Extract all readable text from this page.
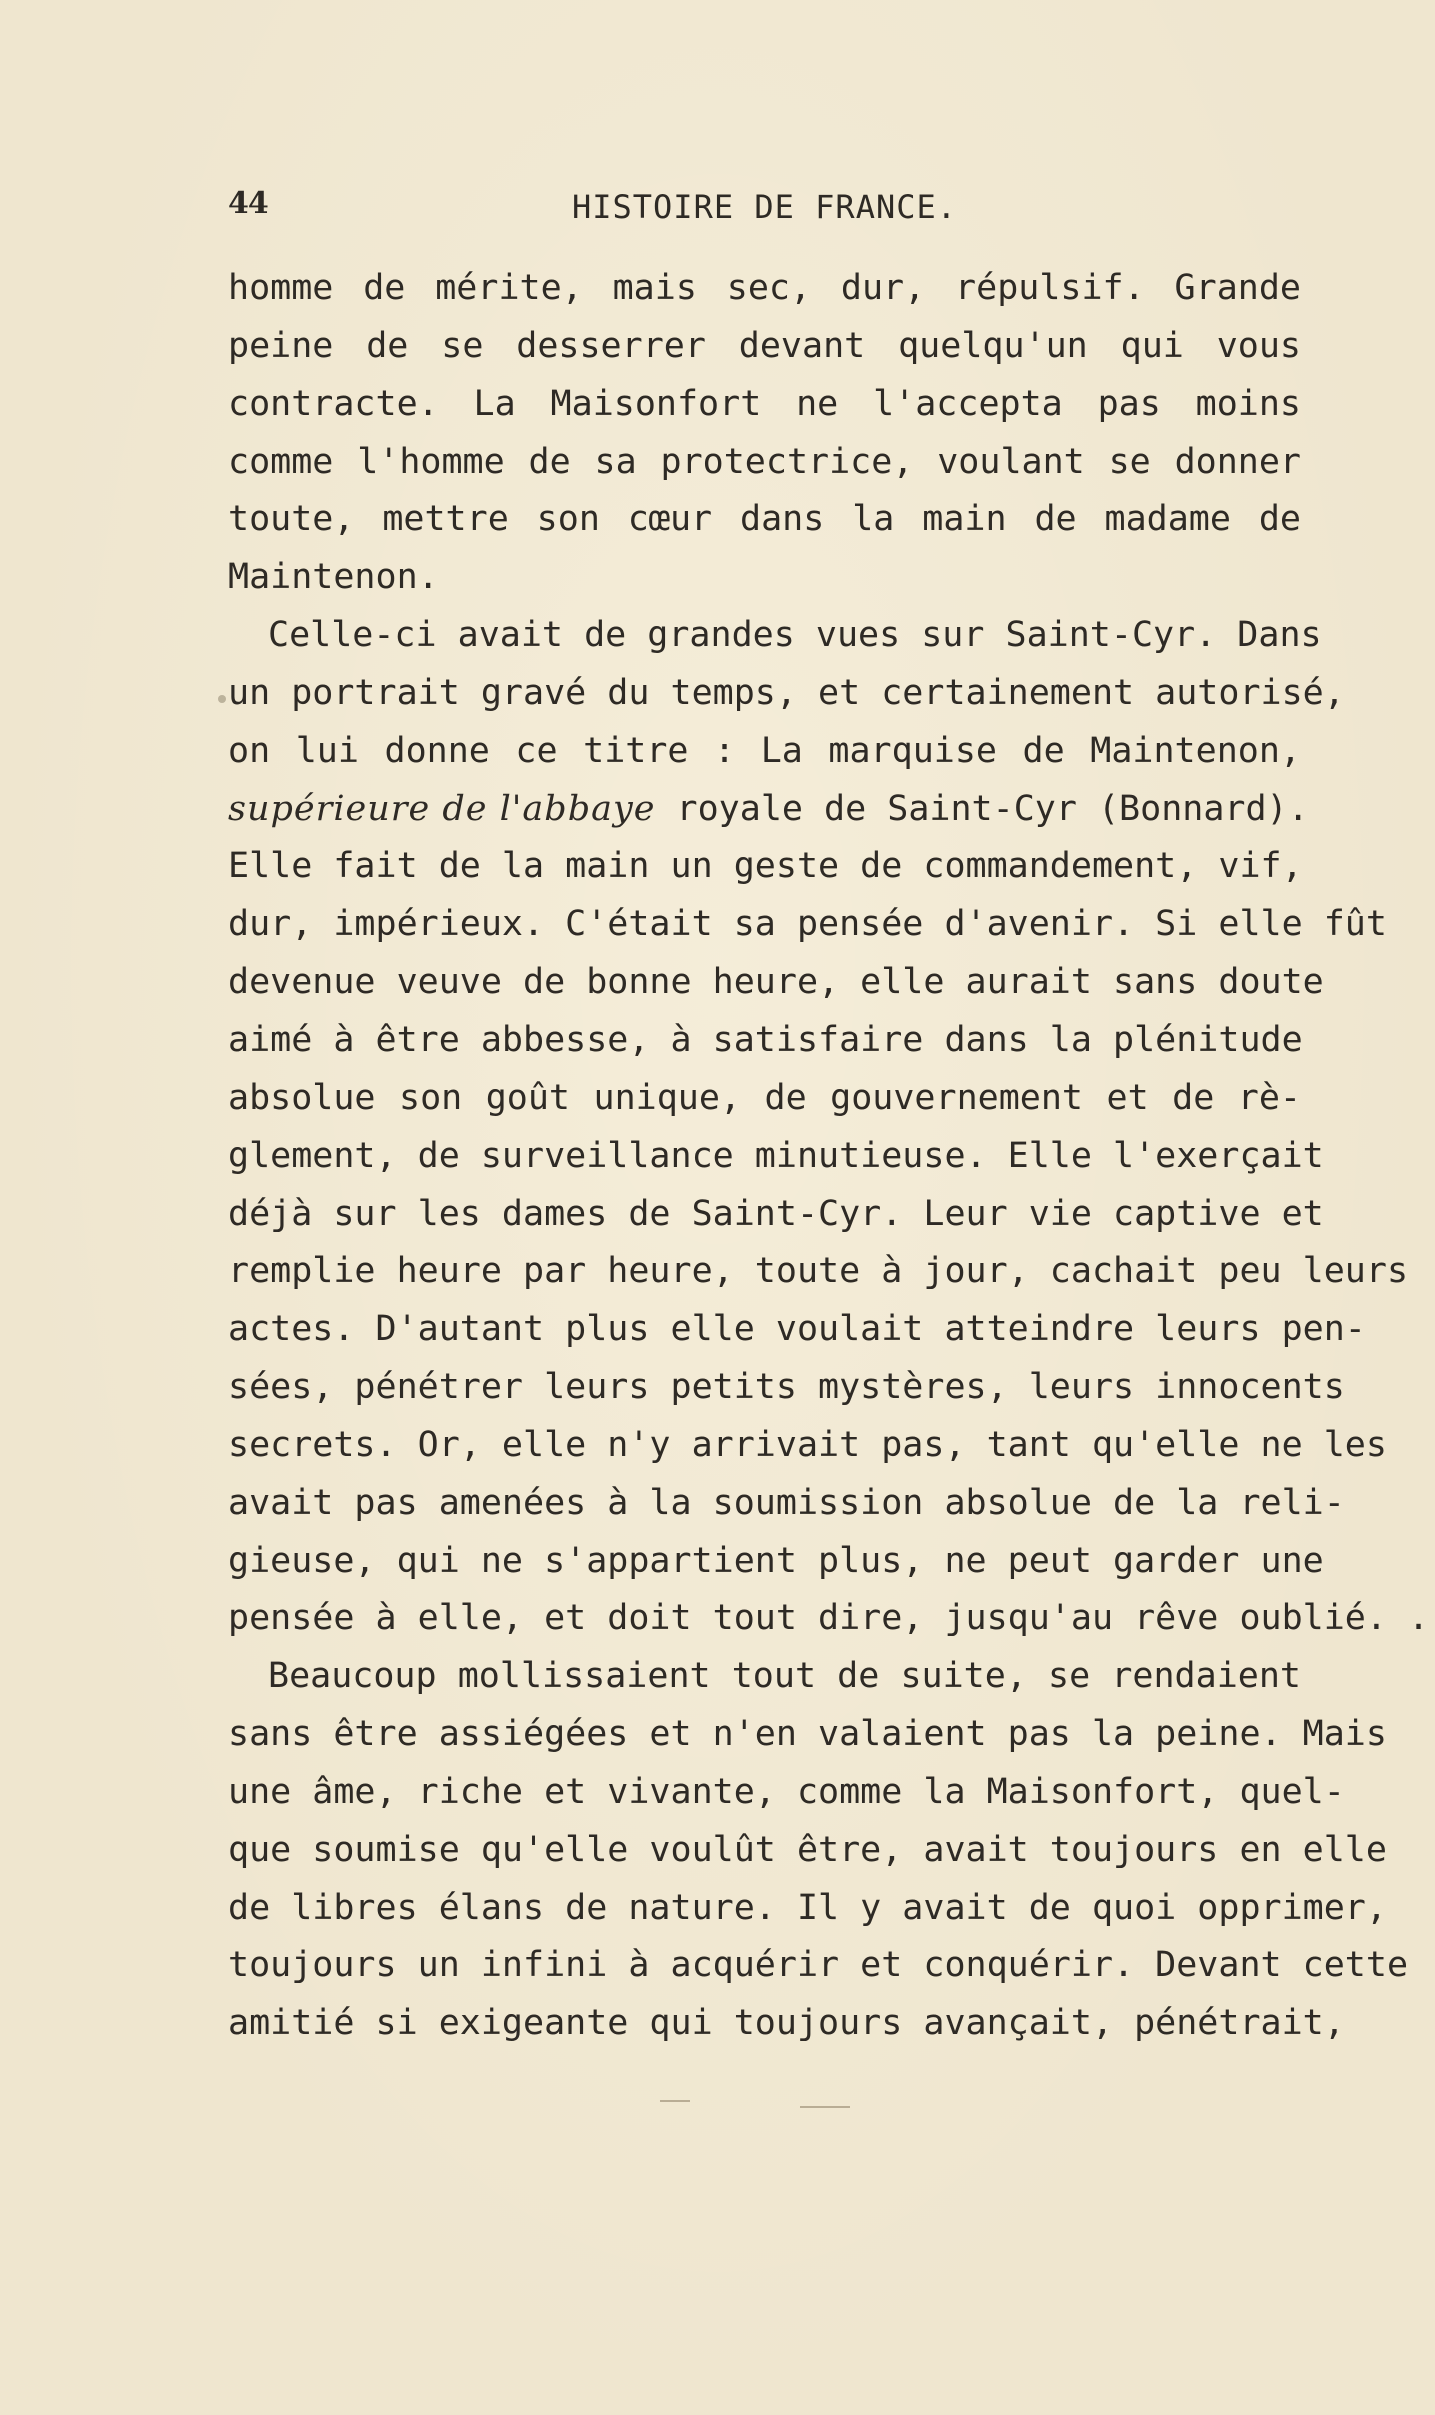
44	HISTOIRE DE FRANCE.
homme de mérite, mais sec, dur, répulsif. Grande
peine de se desserrer devant quelqu'un qui vous
contracte. La Maisonfort ne l'accepta pas moins
comme l'homme de sa protectrice, voulant se donner
toute, mettre son cœur dans la main de madame de
Maintenon.
Celle-ci avait de grandes vues sur Saint-Cyr. Dans
un portrait gravé du temps, et certainement autorisé,
on lui donne ce titre : La marquise de Maintenon,
supérieure de l'abbaye royale de Saint-Cyr (Bonnard).
Elle fait de la main un geste de commandement, vif,
dur, impérieux. C'était sa pensée d'avenir. Si elle fût
devenue veuve de bonne heure, elle aurait sans doute
aimé à être abbesse, à satisfaire dans la plénitude
absolue son goût unique, de gouvernement et de rè-
glement, de surveillance minutieuse. Elle l'exerçait
déjà sur les dames de Saint-Cyr. Leur vie captive et
remplie heure par heure, toute à jour, cachait peu leurs
actes. D'autant plus elle voulait atteindre leurs pen-
sées, pénétrer leurs petits mystères, leurs innocents
secrets. Or, elle n'y arrivait pas, tant qu'elle ne les
avait pas amenées à la soumission absolue de la reli-
gieuse, qui ne s'appartient plus, ne peut garder une
pensée à elle, et doit tout dire, jusqu'au rêve oublié. .
Beaucoup mollissaient tout de suite, se rendaient
sans être assiégées et n'en valaient pas la peine. Mais
une âme, riche et vivante, comme la Maisonfort, quel-
que soumise qu'elle voulût être, avait toujours en elle
de libres élans de nature. Il y avait de quoi opprimer,
toujours un infini à acquérir et conquérir. Devant cette
amitié si exigeante qui toujours avançait, pénétrait,
